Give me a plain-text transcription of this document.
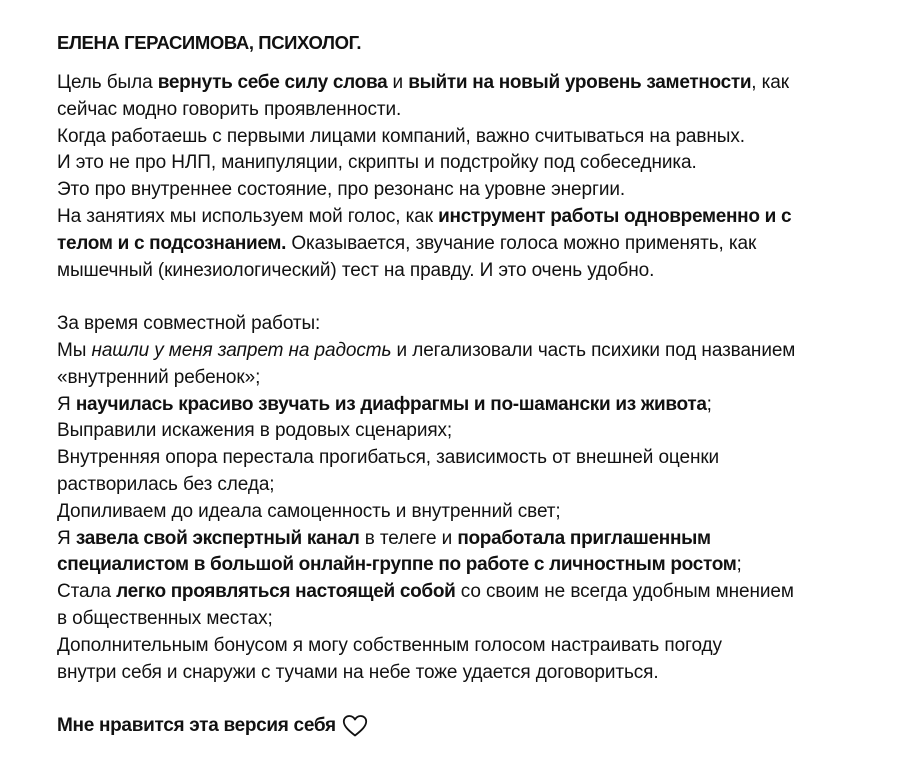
ЕЛЕНА ГЕРАСИМОВА, ПСИХОЛОГ.
Цель была вернуть себе силу слова и выйти на новый уровень заметности, как
сейчас модно говорить проявленности.
Когда работаешь с первыми лицами компаний, важно считываться на равных.
И это не про НЛП, манипуляции, скрипты и подстройку под собеседника.
Это про внутреннее состояние, про резонанс на уровне энергии.
На занятиях мы используем мой голос, как инструмент работы одновременно и с
телом и с подсознанием. Оказывается, звучание голоса можно применять, как
мышечный (кинезиологический) тест на правду. И это очень удобно.
За время совместной работы:
Мы нашли у меня запрет на радость и легализовали часть психики под названием
«внутренний ребенок»;
Я научилась красиво звучать из диафрагмы и по-шамански из живота;
Выправили искажения в родовых сценариях;
Внутренняя опора перестала прогибаться, зависимость от внешней оценки
растворилась без следа;
Допиливаем до идеала самоценность и внутренний свет;
Я завела свой экспертный канал в телеге и поработала приглашенным
специалистом в большой онлайн-группе по работе с личностным ростом;
Стала легко проявляться настоящей собой со своим не всегда удобным мнением
в общественных местах;
Дополнительным бонусом я могу собственным голосом настраивать погоду
внутри себя и снаружи с тучами на небе тоже удается договориться.
Мне нравится эта версия себя
